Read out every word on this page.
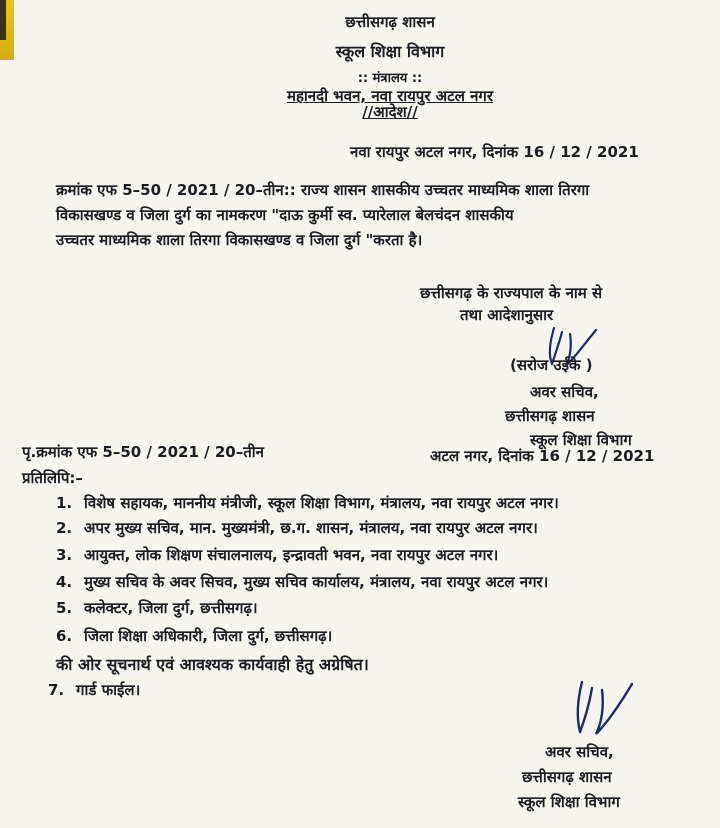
छत्तीसगढ़ शासन
स्कूल शिक्षा विभाग
:: मंत्रालय ::
महानदी भवन, नवा रायपुर अटल नगर
//आदेश//
नवा रायपुर अटल नगर, दिनांक 16 / 12 / 2021
क्रमांक एफ 5–50 / 2021 / 20–तीन:: राज्य शासन शासकीय उच्चतर माध्यमिक शाला तिरगा
विकासखण्ड व जिला दुर्ग का नामकरण "दाऊ कुर्मी स्व. प्यारेलाल बेलचंदन शासकीय
उच्चतर माध्यमिक शाला तिरगा विकासखण्ड व जिला दुर्ग "करता है।
छत्तीसगढ़ के राज्यपाल के नाम से
तथा आदेशानुसार
(सरोज उईके )
अवर सचिव,
छत्तीसगढ़ शासन
स्कूल शिक्षा विभाग
पृ.क्रमांक एफ 5–50 / 2021 / 20–तीन	अटल नगर, दिनांक 16 / 12 / 2021
प्रतिलिपि:–
1. विशेष सहायक, माननीय मंत्रीजी, स्कूल शिक्षा विभाग, मंत्रालय, नवा रायपुर अटल नगर।
2. अपर मुख्य सचिव, मान. मुख्यमंत्री, छ.ग. शासन, मंत्रालय, नवा रायपुर अटल नगर।
3. आयुक्त, लोक शिक्षण संचालनालय, इन्द्रावती भवन, नवा रायपुर अटल नगर।
4. मुख्य सचिव के अवर सिचव, मुख्य सचिव कार्यालय, मंत्रालय, नवा रायपुर अटल नगर।
5. कलेक्टर, जिला दुर्ग, छत्तीसगढ़।
6. जिला शिक्षा अधिकारी, जिला दुर्ग, छत्तीसगढ़।
की ओर सूचनार्थ एवं आवश्यक कार्यवाही हेतु अग्रेषित।
7. गार्ड फाईल।
अवर सचिव,
छत्तीसगढ़ शासन
स्कूल शिक्षा विभाग
